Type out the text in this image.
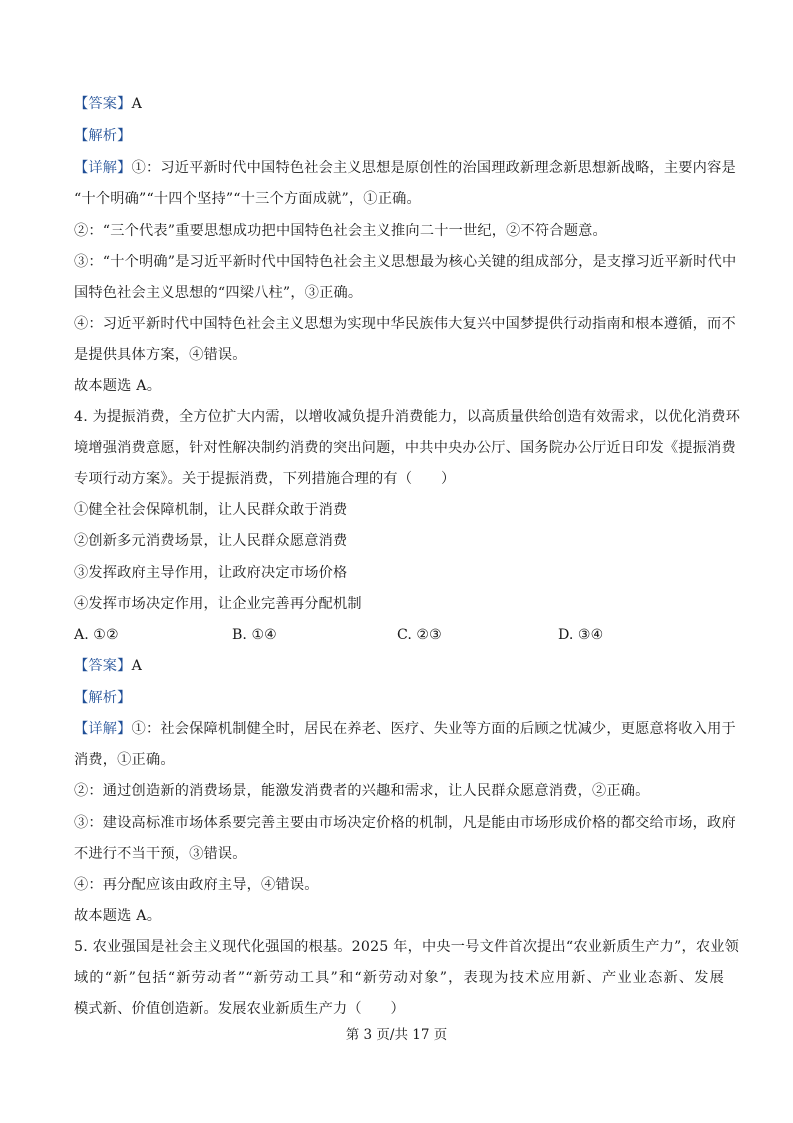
【答案】A
【解析】
【详解】①：习近平新时代中国特色社会主义思想是原创性的治国理政新理念新思想新战略，主要内容是
“十个明确”“十四个坚持”“十三个方面成就”，①正确。
②：“三个代表”重要思想成功把中国特色社会主义推向二十一世纪，②不符合题意。
③：“十个明确”是习近平新时代中国特色社会主义思想最为核心关键的组成部分，是支撑习近平新时代中
国特色社会主义思想的“四梁八柱”，③正确。
④：习近平新时代中国特色社会主义思想为实现中华民族伟大复兴中国梦提供行动指南和根本遵循，而不
是提供具体方案，④错误。
故本题选 A。
4. 为提振消费，全方位扩大内需，以增收减负提升消费能力，以高质量供给创造有效需求，以优化消费环
境增强消费意愿，针对性解决制约消费的突出问题，中共中央办公厅、国务院办公厅近日印发《提振消费
专项行动方案》。关于提振消费，下列措施合理的有（　　）
①健全社会保障机制，让人民群众敢于消费
②创新多元消费场景，让人民群众愿意消费
③发挥政府主导作用，让政府决定市场价格
④发挥市场决定作用，让企业完善再分配机制
A. ①②	B. ①④	C. ②③	D. ③④
【答案】A
【解析】
【详解】①：社会保障机制健全时，居民在养老、医疗、失业等方面的后顾之忧减少，更愿意将收入用于
消费，①正确。
②：通过创造新的消费场景，能激发消费者的兴趣和需求，让人民群众愿意消费，②正确。
③：建设高标准市场体系要完善主要由市场决定价格的机制，凡是能由市场形成价格的都交给市场，政府
不进行不当干预，③错误。
④：再分配应该由政府主导，④错误。
故本题选 A。
5. 农业强国是社会主义现代化强国的根基。2025 年，中央一号文件首次提出“农业新质生产力”，农业领
域的“新”包括“新劳动者”“新劳动工具”和“新劳动对象”，表现为技术应用新、产业业态新、发展
模式新、价值创造新。发展农业新质生产力（　　）
第 3 页/共 17 页
